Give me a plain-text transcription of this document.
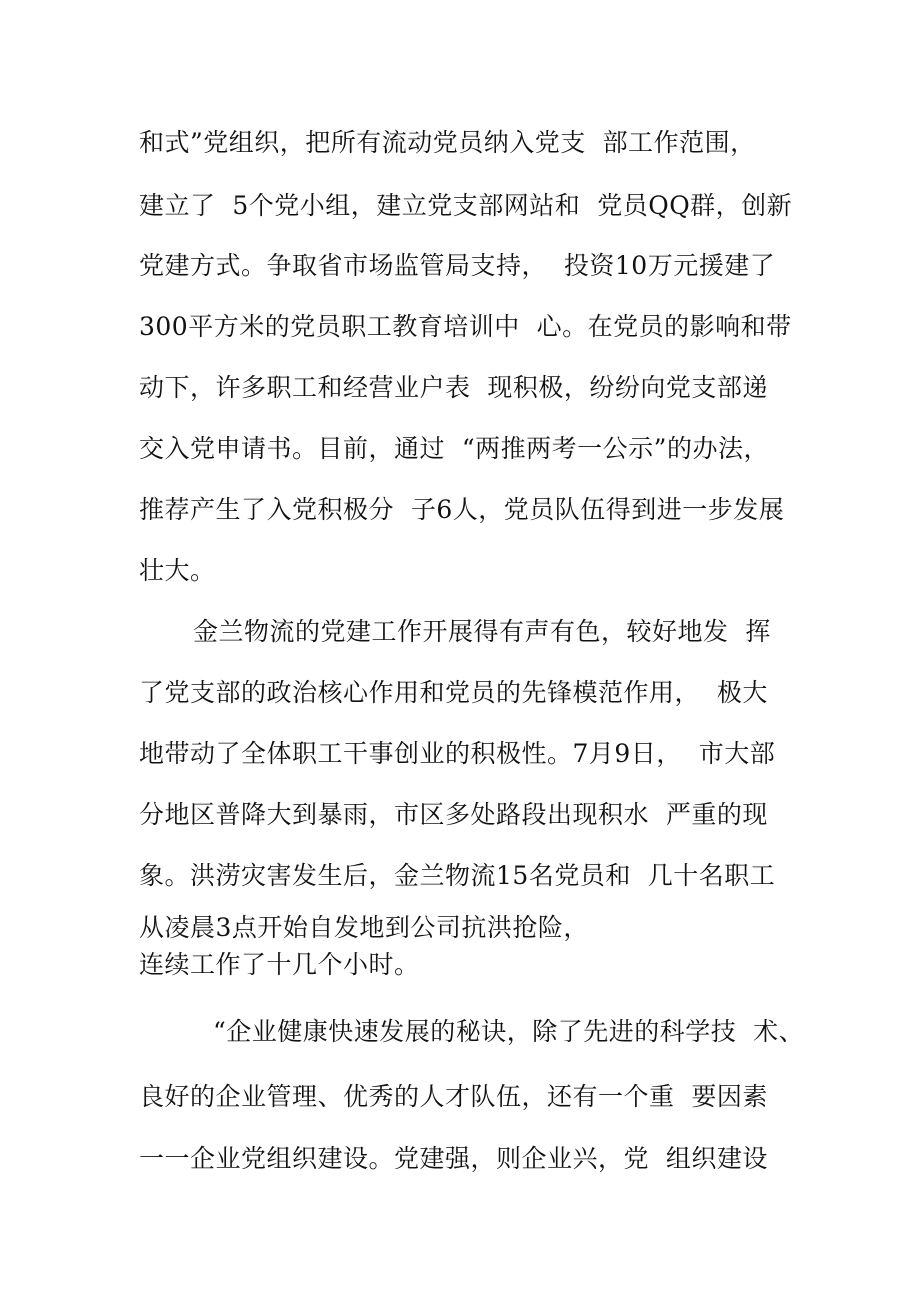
和式”党组织，把所有流动党员纳入党支  部工作范围，
建立了  5个党小组，建立党支部网站和  党员QQ群，创新
党建方式。争取省市场监管局支持，  投资10万元援建了
300平方米的党员职工教育培训中  心。在党员的影响和带
动下，许多职工和经营业户表  现积极，纷纷向党支部递
交入党申请书。目前，通过  “两推两考一公示”的办法，
推荐产生了入党积极分  子6人，党员队伍得到进一步发展
壮大。
金兰物流的党建工作开展得有声有色，较好地发  挥
了党支部的政治核心作用和党员的先锋模范作用，  极大
地带动了全体职工干事创业的积极性。7月9日，  市大部
分地区普降大到暴雨，市区多处路段出现积水  严重的现
象。洪涝灾害发生后，金兰物流15名党员和  几十名职工
从凌晨3点开始自发地到公司抗洪抢险，
连续工作了十几个小时。
“企业健康快速发展的秘诀，除了先进的科学技  术、
良好的企业管理、优秀的人才队伍，还有一个重  要因素
一一企业党组织建设。党建强，则企业兴，党  组织建设
